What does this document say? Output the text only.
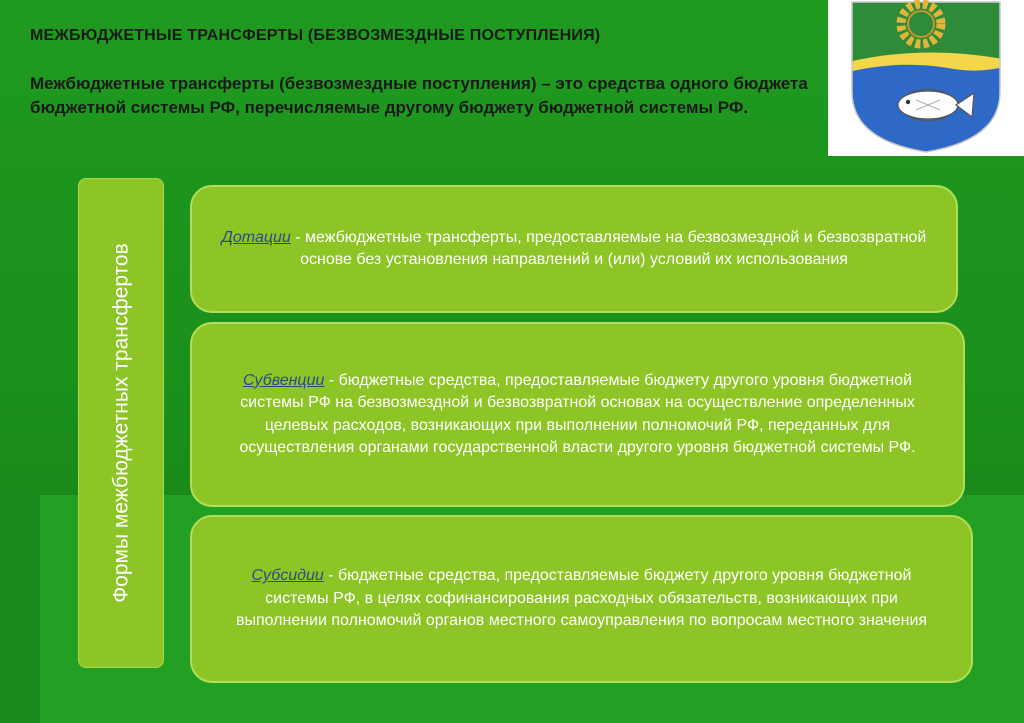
МЕЖБЮДЖЕТНЫЕ ТРАНСФЕРТЫ (БЕЗВОЗМЕЗДНЫЕ ПОСТУПЛЕНИЯ)

Межбюджетные трансферты (безвозмездные поступления) – это средства одного бюджета бюджетной системы РФ, перечисляемые другому бюджету бюджетной системы РФ.

Формы межбюджетных трансфертов

Дотации - межбюджетные трансферты, предоставляемые на безвозмездной и безвозвратной основе без установления направлений и (или) условий их использования

Субвенции - бюджетные средства, предоставляемые бюджету другого уровня бюджетной системы РФ на безвозмездной и безвозвратной основах на осуществление определенных целевых расходов, возникающих при выполнении полномочий РФ, переданных для осуществления органами государственной власти другого уровня бюджетной системы РФ.

Субсидии - бюджетные средства, предоставляемые бюджету другого уровня бюджетной системы РФ, в целях софинансирования расходных обязательств, возникающих при выполнении полномочий органов местного самоуправления по вопросам местного значения
